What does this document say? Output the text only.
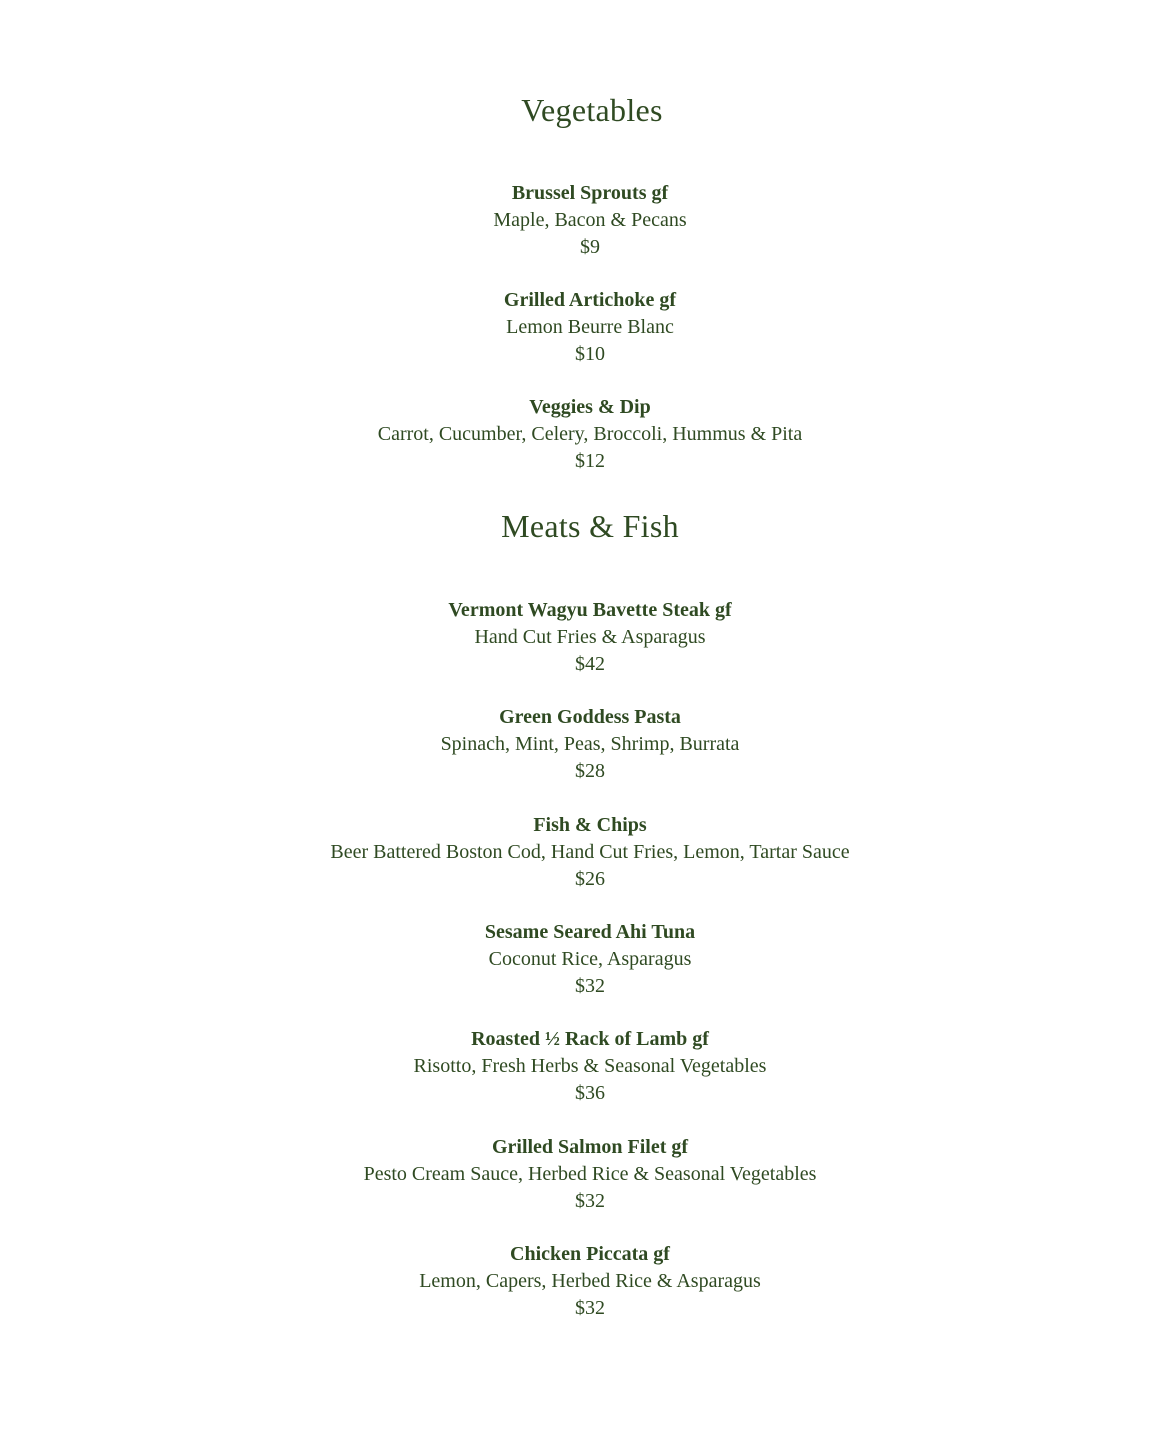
Vegetables
Brussel Sprouts gf
Maple, Bacon & Pecans
$9
Grilled Artichoke gf
Lemon Beurre Blanc
$10
Veggies & Dip
Carrot, Cucumber, Celery, Broccoli, Hummus & Pita
$12
Meats & Fish
Vermont Wagyu Bavette Steak gf
Hand Cut Fries & Asparagus
$42
Green Goddess Pasta
Spinach, Mint, Peas, Shrimp, Burrata
$28
Fish & Chips
Beer Battered Boston Cod, Hand Cut Fries, Lemon, Tartar Sauce
$26
Sesame Seared Ahi Tuna
Coconut Rice, Asparagus
$32
Roasted ½ Rack of Lamb gf
Risotto, Fresh Herbs & Seasonal Vegetables
$36
Grilled Salmon Filet gf
Pesto Cream Sauce, Herbed Rice & Seasonal Vegetables
$32
Chicken Piccata gf
Lemon, Capers, Herbed Rice & Asparagus
$32
